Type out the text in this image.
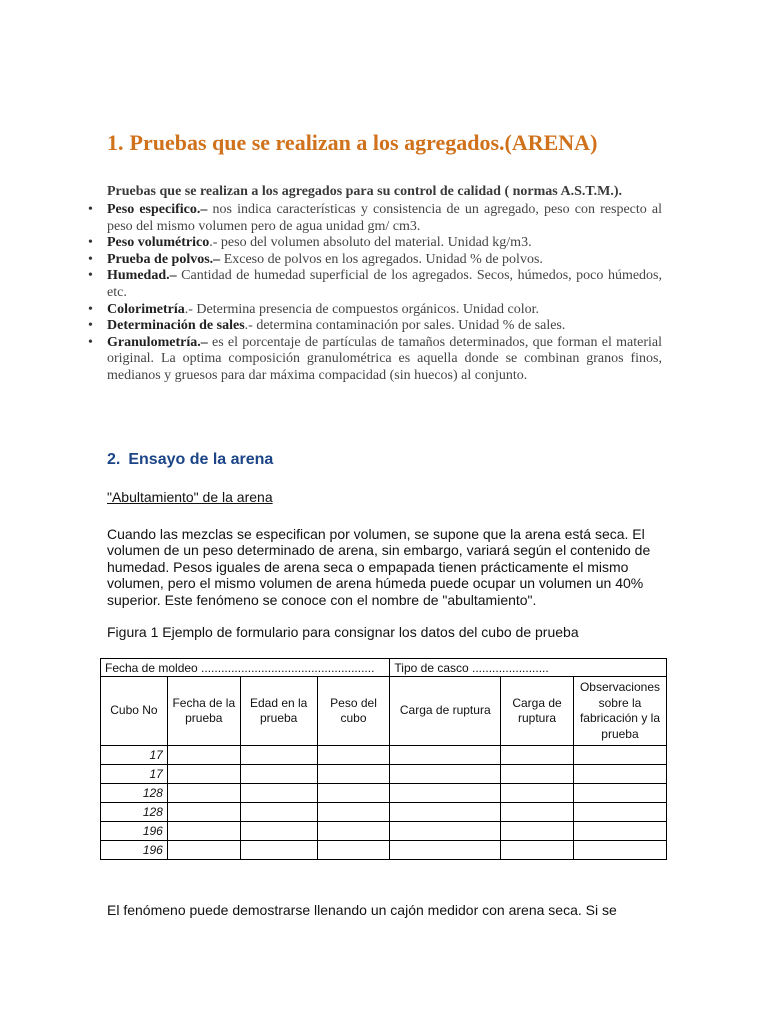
1. Pruebas que se realizan a los agregados.(ARENA)
Pruebas que se realizan a los agregados para su control de calidad ( normas A.S.T.M.).
• Peso especifico.– nos indica características y consistencia de un agregado, peso con respecto al peso del mismo volumen pero de agua unidad gm/ cm3.
• Peso volumétrico.- peso del volumen absoluto del material. Unidad kg/m3.
• Prueba de polvos.– Exceso de polvos en los agregados. Unidad % de polvos.
• Humedad.– Cantidad de humedad superficial de los agregados. Secos, húmedos, poco húmedos, etc.
• Colorimetría.- Determina presencia de compuestos orgánicos. Unidad color.
• Determinación de sales.- determina contaminación por sales. Unidad % de sales.
• Granulometría.– es el porcentaje de partículas de tamaños determinados, que forman el material original. La optima composición granulométrica es aquella donde se combinan granos finos, medianos y gruesos para dar máxima compacidad (sin huecos) al conjunto.
2. Ensayo de la arena
"Abultamiento" de la arena
Cuando las mezclas se especifican por volumen, se supone que la arena está seca. El volumen de un peso determinado de arena, sin embargo, variará según el contenido de humedad. Pesos iguales de arena seca o empapada tienen prácticamente el mismo volumen, pero el mismo volumen de arena húmeda puede ocupar un volumen un 40% superior. Este fenómeno se conoce con el nombre de "abultamiento".
Figura 1 Ejemplo de formulario para consignar los datos del cubo de prueba
Fecha de moldeo ....................................................				Tipo de casco .......................		
Cubo No	Fecha de la prueba	Edad en la prueba	Peso del cubo	Carga de ruptura	Carga de ruptura	Observaciones sobre la fabricación y la prueba
17						
17						
128						
128						
196						
196						
El fenómeno puede demostrarse llenando un cajón medidor con arena seca. Si se
